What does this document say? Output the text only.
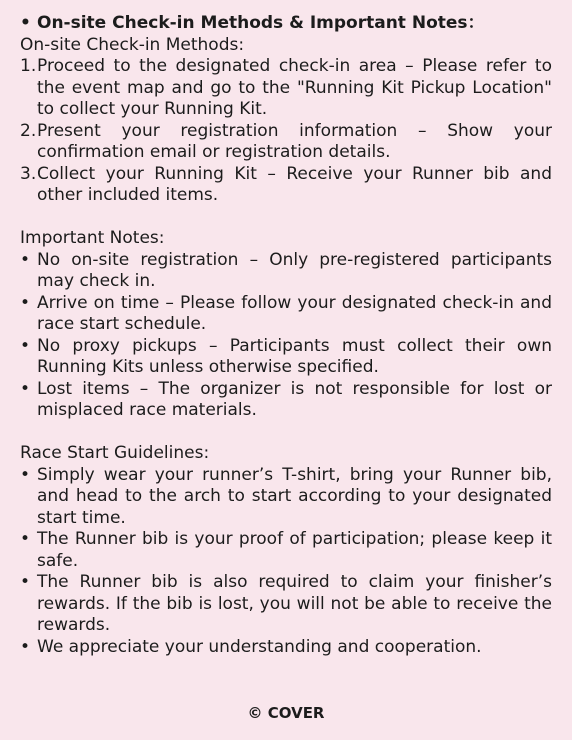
• On-site Check-in Methods & Important Notes：
On-site Check-in Methods:
1. Proceed to the designated check-in area – Please refer to the event map and go to the "Running Kit Pickup Location" to collect your Running Kit.
2. Present your registration information – Show your confirmation email or registration details.
3. Collect your Running Kit – Receive your Runner bib and other included items.
Important Notes:
• No on-site registration – Only pre-registered participants may check in.
• Arrive on time – Please follow your designated check-in and race start schedule.
• No proxy pickups – Participants must collect their own Running Kits unless otherwise specified.
• Lost items – The organizer is not responsible for lost or misplaced race materials.
Race Start Guidelines:
• Simply wear your runner’s T-shirt, bring your Runner bib, and head to the arch to start according to your designated start time.
• The Runner bib is your proof of participation; please keep it safe.
• The Runner bib is also required to claim your finisher’s rewards. If the bib is lost, you will not be able to receive the rewards.
• We appreciate your understanding and cooperation.
© COVER
